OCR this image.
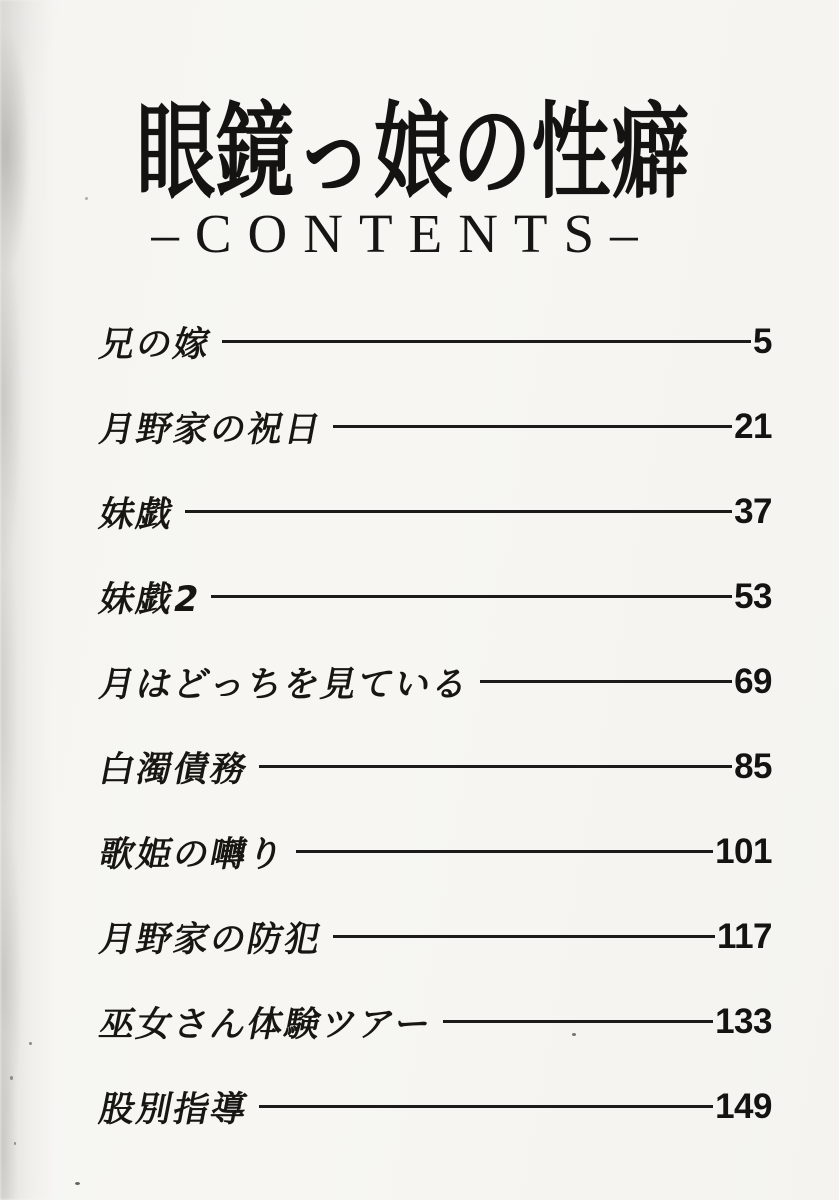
眼鏡っ娘の性癖
–CONTENTS–
兄の嫁	5
月野家の祝日	21
妹戯	37
妹戯2	53
月はどっちを見ている	69
白濁債務	85
歌姫の囀り	101
月野家の防犯	117
巫女さん体験ツアー	133
股別指導	149
